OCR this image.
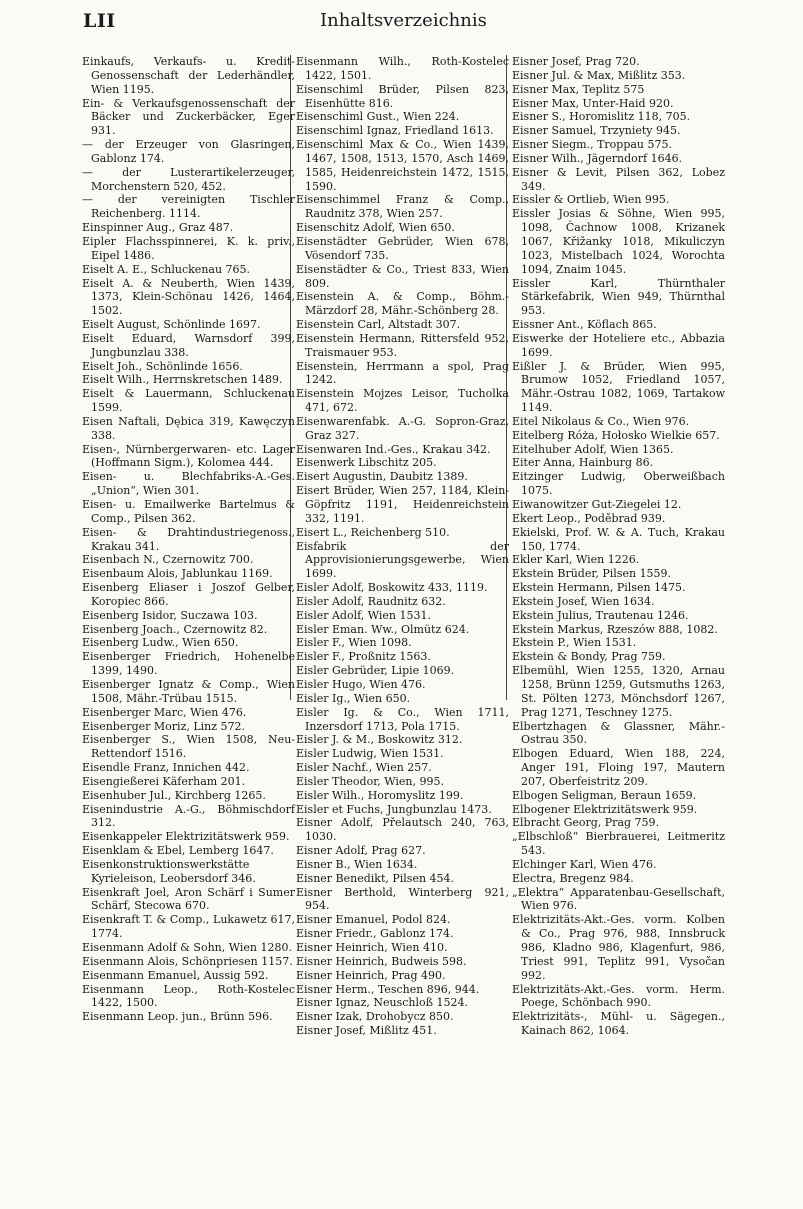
LII	Inhaltsverzeichnis

Einkaufs, Verkaufs- u. Kredit-Genossenschaft der Lederhändler, Wien 1195.

Ein- & Verkaufsgenossenschaft der Bäcker und Zuckerbäcker, Eger 931.

— der Erzeuger von Glasringen, Gablonz 174.

— der Lusterartikelerzeuger, Morchenstern 520, 452.

— der vereinigten Tischler Reichenberg. 1114.

Einspinner Aug., Graz 487.

Eipler Flachsspinnerei, K. k. priv., Eipel 1486.

Eiselt A. E., Schluckenau 765.

Eiselt A. & Neuberth, Wien 1439, 1373, Klein-Schönau 1426, 1464, 1502.

Eiselt August, Schönlinde 1697.

Eiselt Eduard, Warnsdorf 399, Jungbunzlau 338.

Eiselt Joh., Schönlinde 1656.

Eiselt Wilh., Herrnskretschen 1489.

Eiselt & Lauermann, Schluckenau 1599.

Eisen Naftali, Dębica 319, Kawęczyn 338.

Eisen-, Nürnbergerwaren- etc. Lager (Hoffmann Sigm.), Kolomea 444.

Eisen- u. Blechfabriks-A.-Ges. „Union“, Wien 301.

Eisen- u. Emailwerke Bartelmus & Comp., Pilsen 362.

Eisen- & Drahtindustriegenoss., Krakau 341.

Eisenbach N., Czernowitz 700.

Eisenbaum Alois, Jablunkau 1169.

Eisenberg Eliaser i Joszof Gelber, Koropiec 866.

Eisenberg Isidor, Suczawa 103.

Eisenberg Joach., Czernowitz 82.

Eisenberg Ludw., Wien 650.

Eisenberger Friedrich, Hohenelbe 1399, 1490.

Eisenberger Ignatz & Comp., Wien 1508, Mähr.-Trübau 1515.

Eisenberger Marc, Wien 476.

Eisenberger Moriz, Linz 572.

Eisenberger S., Wien 1508, Neu-Rettendorf 1516.

Eisendle Franz, Innichen 442.

Eisengießerei Käferham 201.

Eisenhuber Jul., Kirchberg 1265.

Eisenindustrie A.-G., Böhmischdorf 312.

Eisenkappeler Elektrizitätswerk 959.

Eisenklam & Ebel, Lemberg 1647.

Eisenkonstruktionswerkstätte Kyrieleison, Leobersdorf 346.

Eisenkraft Joel, Aron Schärf i Sumer Schärf, Stecowa 670.

Eisenkraft T. & Comp., Lukawetz 617, 1774.

Eisenmann Adolf & Sohn, Wien 1280.

Eisenmann Alois, Schönpriesen 1157.

Eisenmann Emanuel, Aussig 592.

Eisenmann Leop., Roth-Kostelec 1422, 1500.

Eisenmann Leop. jun., Brünn 596.

Eisenmann Wilh., Roth-Kostelec 1422, 1501.

Eisenschiml Brüder, Pilsen 823, Eisenhütte 816.

Eisenschiml Gust., Wien 224.

Eisenschiml Ignaz, Friedland 1613.

Eisenschiml Max & Co., Wien 1439, 1467, 1508, 1513, 1570, Asch 1469, 1585, Heidenreichstein 1472, 1515, 1590.

Eisenschimmel Franz & Comp., Raudnitz 378, Wien 257.

Eisenschitz Adolf, Wien 650.

Eisenstädter Gebrüder, Wien 678, Vösendorf 735.

Eisenstädter & Co., Triest 833, Wien 809.

Eisenstein A. & Comp., Böhm.-Märzdorf 28, Mähr.-Schönberg 28.

Eisenstein Carl, Altstadt 307.

Eisenstein Hermann, Rittersfeld 952, Traismauer 953.

Eisenstein, Herrmann a spol, Prag 1242.

Eisenstein Mojzes Leisor, Tucholka 471, 672.

Eisenwarenfabk. A.-G. Sopron-Graz, Graz 327.

Eisenwaren Ind.-Ges., Krakau 342.

Eisenwerk Libschitz 205.

Eisert Augustin, Daubitz 1389.

Eisert Brüder, Wien 257, 1184, Klein-Göpfritz 1191, Heidenreichstein 332, 1191.

Eisert L., Reichenberg 510.

Eisfabrik der Approvisionierungsgewerbe, Wien 1699.

Eisler Adolf, Boskowitz 433, 1119.

Eisler Adolf, Raudnitz 632.

Eisler Adolf, Wien 1531.

Eisler Eman. Ww., Olmütz 624.

Eisler F., Wien 1098.

Eisler F., Proßnitz 1563.

Eisler Gebrüder, Lipie 1069.

Eisler Hugo, Wien 476.

Eisler Ig., Wien 650.

Eisler Ig. & Co., Wien 1711, Inzersdorf 1713, Pola 1715.

Eisler J. & M., Boskowitz 312.

Eisler Ludwig, Wien 1531.

Eisler Nachf., Wien 257.

Eisler Theodor, Wien, 995.

Eisler Wilh., Horomyslitz 199.

Eisler et Fuchs, Jungbunzlau 1473.

Eisner Adolf, Přelautsch 240, 763, 1030.

Eisner Adolf, Prag 627.

Eisner B., Wien 1634.

Eisner Benedikt, Pilsen 454.

Eisner Berthold, Winterberg 921, 954.

Eisner Emanuel, Podol 824.

Eisner Friedr., Gablonz 174.

Eisner Heinrich, Wien 410.

Eisner Heinrich, Budweis 598.

Eisner Heinrich, Prag 490.

Eisner Herm., Teschen 896, 944.

Eisner Ignaz, Neuschloß 1524.

Eisner Izak, Drohobycz 850.

Eisner Josef, Mißlitz 451.

Eisner Josef, Prag 720.

Eisner Jul. & Max, Mißlitz 353.

Eisner Max, Teplitz 575

Eisner Max, Unter-Haid 920.

Eisner S., Horomislitz 118, 705.

Eisner Samuel, Trzyniety 945.

Eisner Siegm., Troppau 575.

Eisner Wilh., Jägerndorf 1646.

Eisner & Levit, Pilsen 362, Lobez 349.

Eissler & Ortlieb, Wien 995.

Eissler Josias & Söhne, Wien 995, 1098, Čachnow 1008, Krizanek 1067, Křižanky 1018, Mikuliczyn 1023, Mistelbach 1024, Worochta 1094, Znaim 1045.

Eissler Karl, Thürnthaler Stärkefabrik, Wien 949, Thürnthal 953.

Eissner Ant., Köflach 865.

Eiswerke der Hoteliere etc., Abbazia 1699.

Eißler J. & Brüder, Wien 995, Brumow 1052, Friedland 1057, Mähr.-Ostrau 1082, 1069, Tartakow 1149.

Eitel Nikolaus & Co., Wien 976.

Eitelberg Róża, Hołosko Wielkie 657.

Eitelhuber Adolf, Wien 1365.

Eiter Anna, Hainburg 86.

Eitzinger Ludwig, Oberweißbach 1075.

Eiwanowitzer Gut-Ziegelei 12.

Ekert Leop., Poděbrad 939.

Ekielski, Prof. W. & A. Tuch, Krakau 150, 1774.

Ekler Karl, Wien 1226.

Ekstein Brüder, Pilsen 1559.

Ekstein Hermann, Pilsen 1475.

Ekstein Josef, Wien 1634.

Ekstein Julius, Trautenau 1246.

Ekstein Markus, Rzeszów 888, 1082.

Ekstein P., Wien 1531.

Ekstein & Bondy, Prag 759.

Elbemühl, Wien 1255, 1320, Arnau 1258, Brünn 1259, Gutsmuths 1263, St. Pölten 1273, Mönchsdorf 1267, Prag 1271, Teschney 1275.

Elbertzhagen & Glassner, Mähr.-Ostrau 350.

Elbogen Eduard, Wien 188, 224, Anger 191, Floing 197, Mautern 207, Oberfeistritz 209.

Elbogen Seligman, Beraun 1659.

Elbogener Elektrizitätswerk 959.

Elbracht Georg, Prag 759.

„Elbschloß“ Bierbrauerei, Leitmeritz 543.

Elchinger Karl, Wien 476.

Electra, Bregenz 984.

„Elektra“ Apparatenbau-Gesellschaft, Wien 976.

Elektrizitäts-Akt.-Ges. vorm. Kolben & Co., Prag 976, 988, Innsbruck 986, Kladno 986, Klagenfurt, 986, Triest 991, Teplitz 991, Vysočan 992.

Elektrizitäts-Akt.-Ges. vorm. Herm. Poege, Schönbach 990.

Elektrizitäts-, Mühl- u. Sägegen., Kainach 862, 1064.
